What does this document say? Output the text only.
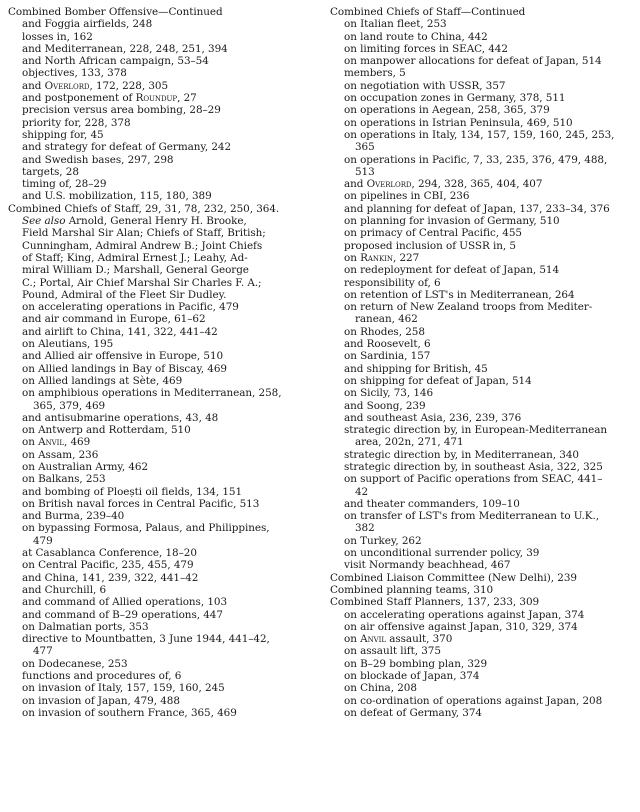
Combined Bomber Offensive—Continued
and Foggia airfields, 248
losses in, 162
and Mediterranean, 228, 248, 251, 394
and North African campaign, 53–54
objectives, 133, 378
and Overlord, 172, 228, 305
and postponement of Roundup, 27
precision versus area bombing, 28–29
priority for, 228, 378
shipping for, 45
and strategy for defeat of Germany, 242
and Swedish bases, 297, 298
targets, 28
timing of, 28–29
and U.S. mobilization, 115, 180, 389
Combined Chiefs of Staff, 29, 31, 78, 232, 250, 364.
See also Arnold, General Henry H. Brooke,
Field Marshal Sir Alan; Chiefs of Staff, British;
Cunningham, Admiral Andrew B.; Joint Chiefs
of Staff; King, Admiral Ernest J.; Leahy, Ad-
miral William D.; Marshall, General George
C.; Portal, Air Chief Marshal Sir Charles F. A.;
Pound, Admiral of the Fleet Sir Dudley.
on accelerating operations in Pacific, 479
and air command in Europe, 61–62
and airlift to China, 141, 322, 441–42
on Aleutians, 195
and Allied air offensive in Europe, 510
on Allied landings in Bay of Biscay, 469
on Allied landings at Sète, 469
on amphibious operations in Mediterranean, 258,
365, 379, 469
and antisubmarine operations, 43, 48
on Antwerp and Rotterdam, 510
on Anvil, 469
on Assam, 236
on Australian Army, 462
on Balkans, 253
and bombing of Ploești oil fields, 134, 151
on British naval forces in Central Pacific, 513
and Burma, 239–40
on bypassing Formosa, Palaus, and Philippines,
479
at Casablanca Conference, 18–20
on Central Pacific, 235, 455, 479
and China, 141, 239, 322, 441–42
and Churchill, 6
and command of Allied operations, 103
and command of B–29 operations, 447
on Dalmatian ports, 353
directive to Mountbatten, 3 June 1944, 441–42,
477
on Dodecanese, 253
functions and procedures of, 6
on invasion of Italy, 157, 159, 160, 245
on invasion of Japan, 479, 488
on invasion of southern France, 365, 469
Combined Chiefs of Staff—Continued
on Italian fleet, 253
on land route to China, 442
on limiting forces in SEAC, 442
on manpower allocations for defeat of Japan, 514
members, 5
on negotiation with USSR, 357
on occupation zones in Germany, 378, 511
on operations in Aegean, 258, 365, 379
on operations in Istrian Peninsula, 469, 510
on operations in Italy, 134, 157, 159, 160, 245, 253,
365
on operations in Pacific, 7, 33, 235, 376, 479, 488,
513
and Overlord, 294, 328, 365, 404, 407
on pipelines in CBI, 236
and planning for defeat of Japan, 137, 233–34, 376
on planning for invasion of Germany, 510
on primacy of Central Pacific, 455
proposed inclusion of USSR in, 5
on Rankin, 227
on redeployment for defeat of Japan, 514
responsibility of, 6
on retention of LST's in Mediterranean, 264
on return of New Zealand troops from Mediter-
ranean, 462
on Rhodes, 258
and Roosevelt, 6
on Sardinia, 157
and shipping for British, 45
on shipping for defeat of Japan, 514
on Sicily, 73, 146
and Soong, 239
and southeast Asia, 236, 239, 376
strategic direction by, in European-Mediterranean
area, 202n, 271, 471
strategic direction by, in Mediterranean, 340
strategic direction by, in southeast Asia, 322, 325
on support of Pacific operations from SEAC, 441–
42
and theater commanders, 109–10
on transfer of LST's from Mediterranean to U.K.,
382
on Turkey, 262
on unconditional surrender policy, 39
visit Normandy beachhead, 467
Combined Liaison Committee (New Delhi), 239
Combined planning teams, 310
Combined Staff Planners, 137, 233, 309
on accelerating operations against Japan, 374
on air offensive against Japan, 310, 329, 374
on Anvil assault, 370
on assault lift, 375
on B–29 bombing plan, 329
on blockade of Japan, 374
on China, 208
on co-ordination of operations against Japan, 208
on defeat of Germany, 374
